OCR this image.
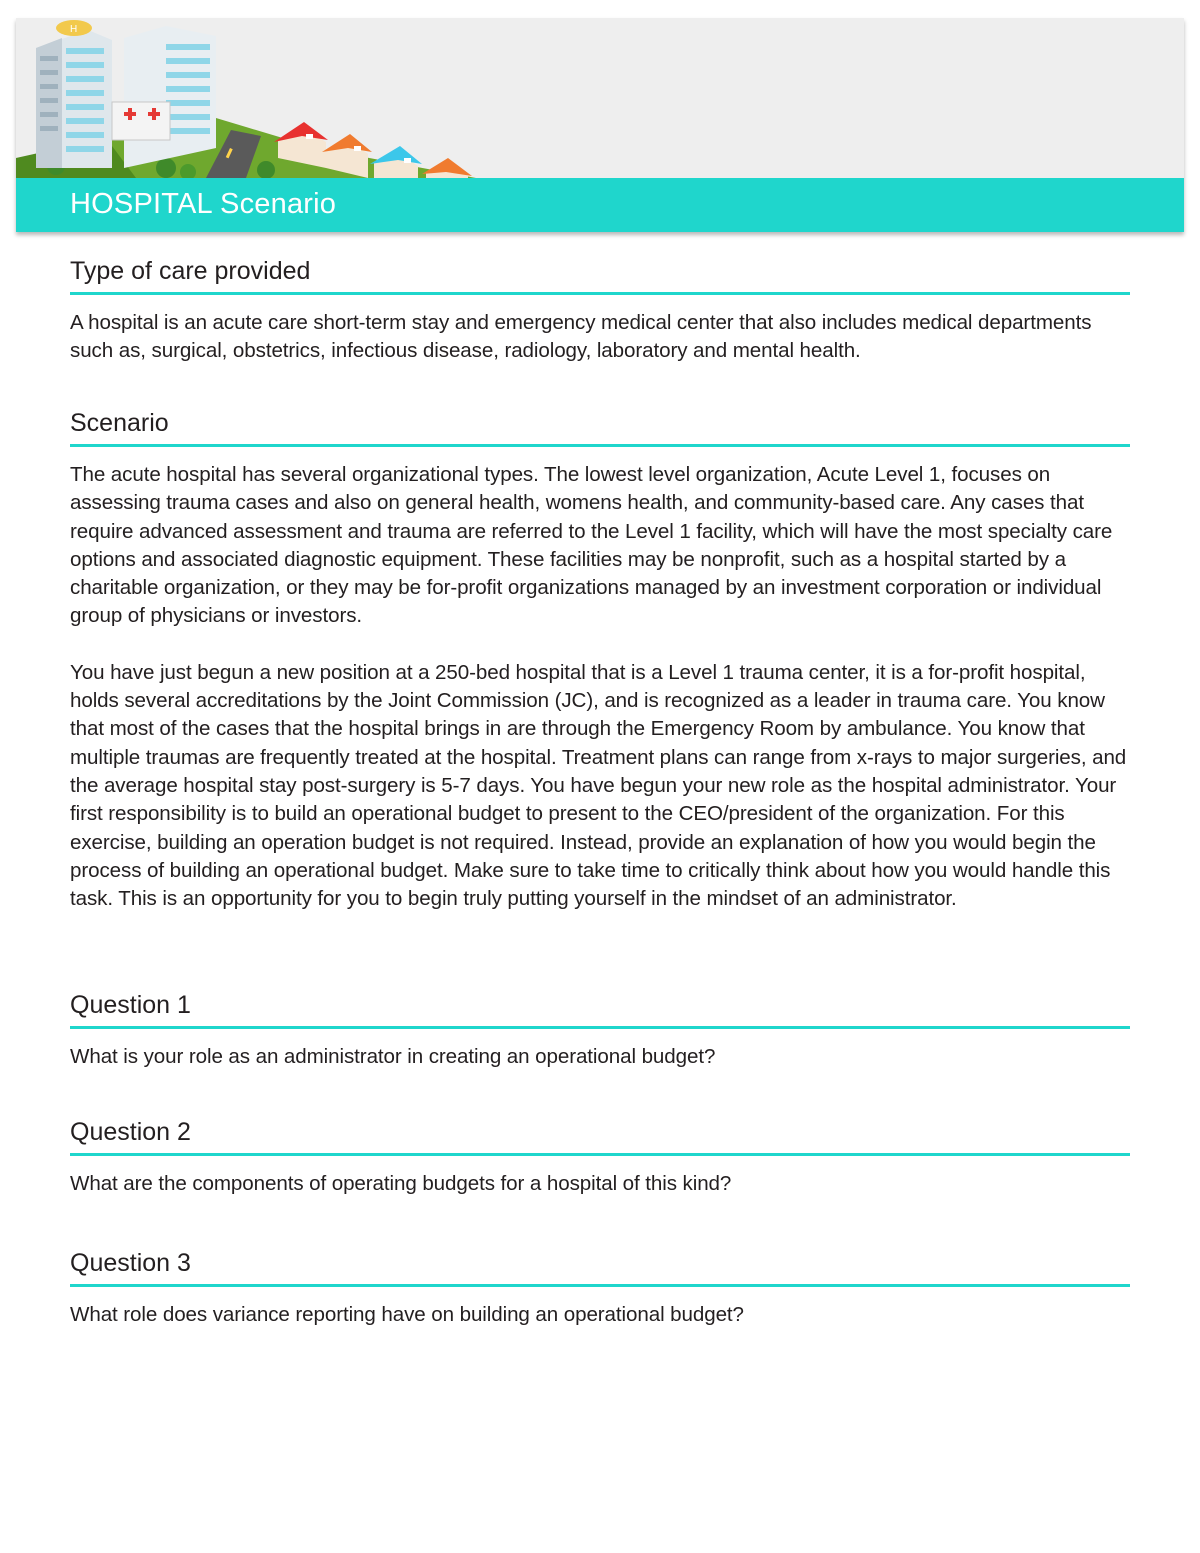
H
HOSPITAL Scenario
Type of care provided

A hospital is an acute care short-term stay and emergency medical center that also includes medical departments such as, surgical, obstetrics, infectious disease, radiology, laboratory and mental health.

Scenario

The acute hospital has several organizational types. The lowest level organization, Acute Level 1, focuses on assessing trauma cases and also on general health, womens health, and community-based care. Any cases that require advanced assessment and trauma are referred to the Level 1 facility, which will have the most specialty care options and associated diagnostic equipment. These facilities may be nonprofit, such as a hospital started by a charitable organization, or they may be for-profit organizations managed by an investment corporation or individual group of physicians or investors.

You have just begun a new position at a 250-bed hospital that is a Level 1 trauma center, it is a for-profit hospital, holds several accreditations by the Joint Commission (JC), and is recognized as a leader in trauma care. You know that most of the cases that the hospital brings in are through the Emergency Room by ambulance. You know that multiple traumas are frequently treated at the hospital. Treatment plans can range from x-rays to major surgeries, and the average hospital stay post-surgery is 5-7 days. You have begun your new role as the hospital administrator. Your first responsibility is to build an operational budget to present to the CEO/president of the organization. For this exercise, building an operation budget is not required. Instead, provide an explanation of how you would begin the process of building an operational budget. Make sure to take time to critically think about how you would handle this task. This is an opportunity for you to begin truly putting yourself in the mindset of an administrator.

Question 1

What is your role as an administrator in creating an operational budget?

Question 2

What are the components of operating budgets for a hospital of this kind?

Question 3

What role does variance reporting have on building an operational budget?
